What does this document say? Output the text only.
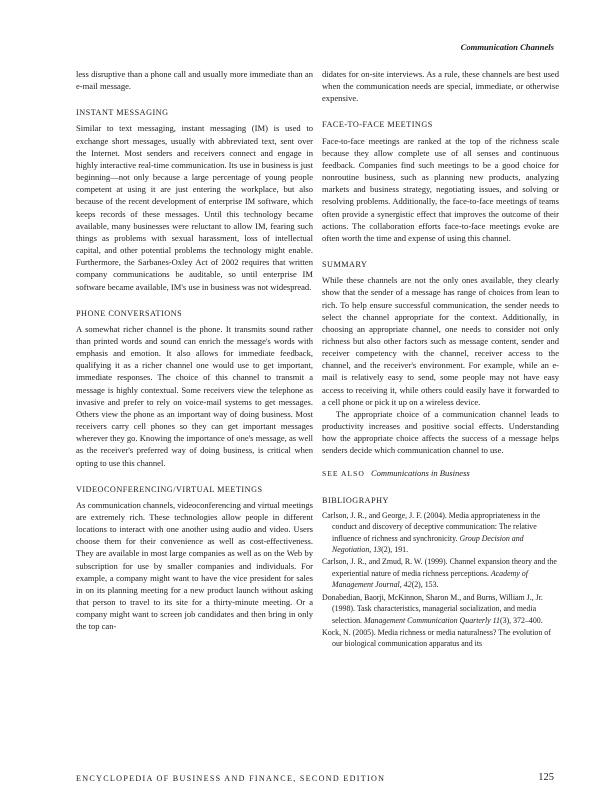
Communication Channels

less disruptive than a phone call and usually more immediate than an e-mail message.

INSTANT MESSAGING

Similar to text messaging, instant messaging (IM) is used to exchange short messages, usually with abbreviated text, sent over the Internet. Most senders and receivers connect and engage in highly interactive real-time communication. Its use in business is just beginning—not only because a large percentage of young people competent at using it are just entering the workplace, but also because of the recent development of enterprise IM software, which keeps records of these messages. Until this technology became available, many businesses were reluctant to allow IM, fearing such things as problems with sexual harassment, loss of intellectual capital, and other potential problems the technology might enable. Furthermore, the Sarbanes-Oxley Act of 2002 requires that written company communications be auditable, so until enterprise IM software became available, IM's use in business was not widespread.

PHONE CONVERSATIONS

A somewhat richer channel is the phone. It transmits sound rather than printed words and sound can enrich the message's words with emphasis and emotion. It also allows for immediate feedback, qualifying it as a richer channel one would use to get important, immediate responses. The choice of this channel to transmit a message is highly contextual. Some receivers view the telephone as invasive and prefer to rely on voice-mail systems to get messages. Others view the phone as an important way of doing business. Most receivers carry cell phones so they can get important messages wherever they go. Knowing the importance of one's message, as well as the receiver's preferred way of doing business, is critical when opting to use this channel.

VIDEOCONFERENCING/VIRTUAL MEETINGS

As communication channels, videoconferencing and virtual meetings are extremely rich. These technologies allow people in different locations to interact with one another using audio and video. Users choose them for their convenience as well as cost-effectiveness. They are available in most large companies as well as on the Web by subscription for use by smaller companies and individuals. For example, a company might want to have the vice president for sales in on its planning meeting for a new product launch without asking that person to travel to its site for a thirty-minute meeting. Or a company might want to screen job candidates and then bring in only the top can-

didates for on-site interviews. As a rule, these channels are best used when the communication needs are special, immediate, or otherwise expensive.

FACE-TO-FACE MEETINGS

Face-to-face meetings are ranked at the top of the richness scale because they allow complete use of all senses and continuous feedback. Companies find such meetings to be a good choice for nonroutine business, such as planning new products, analyzing markets and business strategy, negotiating issues, and solving or resolving problems. Additionally, the face-to-face meetings of teams often provide a synergistic effect that improves the outcome of their actions. The collaboration efforts face-to-face meetings evoke are often worth the time and expense of using this channel.

SUMMARY

While these channels are not the only ones available, they clearly show that the sender of a message has range of choices from lean to rich. To help ensure successful communication, the sender needs to select the channel appropriate for the context. Additionally, in choosing an appropriate channel, one needs to consider not only richness but also other factors such as message content, sender and receiver competency with the channel, receiver access to the channel, and the receiver's environment. For example, while an e-mail is relatively easy to send, some people may not have easy access to receiving it, while others could easily have it forwarded to a cell phone or pick it up on a wireless device.

The appropriate choice of a communication channel leads to productivity increases and positive social effects. Understanding how the appropriate choice affects the success of a message helps senders decide which communication channel to use.

SEE ALSO Communications in Business
BIBLIOGRAPHY

Carlson, J. R., and George, J. F. (2004). Media appropriateness in the conduct and discovery of deceptive communication: The relative influence of richness and synchronicity. Group Decision and Negotiation, 13(2), 191.

Carlson, J. R., and Zmud, R. W. (1999). Channel expansion theory and the experiential nature of media richness perceptions. Academy of Management Journal, 42(2), 153.

Donabedian, Baorji, McKinnon, Sharon M., and Burns, William J., Jr. (1998). Task characteristics, managerial socialization, and media selection. Management Communication Quarterly 11(3), 372–400.

Kock, N. (2005). Media richness or media naturalness? The evolution of our biological communication apparatus and its

ENCYCLOPEDIA OF BUSINESS AND FINANCE, SECOND EDITION	125
